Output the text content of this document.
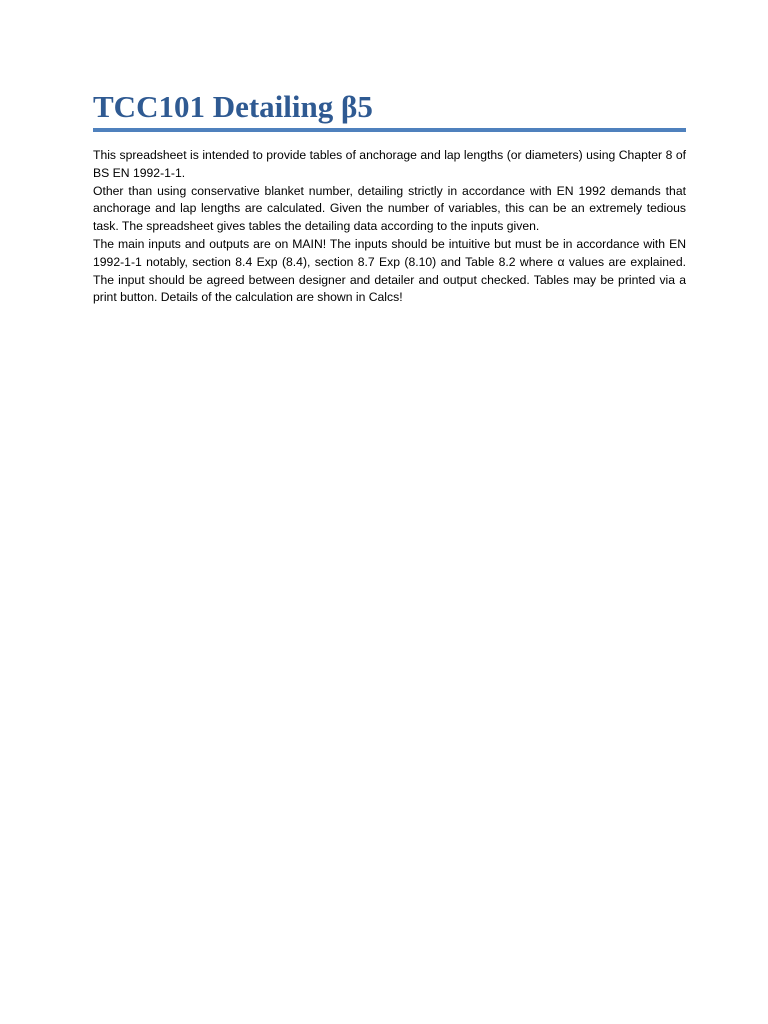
TCC101 Detailing β5

This spreadsheet is intended to provide tables of anchorage and lap lengths (or diameters) using Chapter 8 of BS EN 1992-1-1.

Other than using conservative blanket number, detailing strictly in accordance with EN 1992 demands that anchorage and lap lengths are calculated. Given the number of variables, this can be an extremely tedious task. The spreadsheet gives tables the detailing data according to the inputs given.

The main inputs and outputs are on MAIN! The inputs should be intuitive but must be in accordance with EN 1992-1-1 notably, section 8.4 Exp (8.4), section 8.7 Exp (8.10) and Table 8.2 where α values are explained. The input should be agreed between designer and detailer and output checked. Tables may be printed via a print button. Details of the calculation are shown in Calcs!
